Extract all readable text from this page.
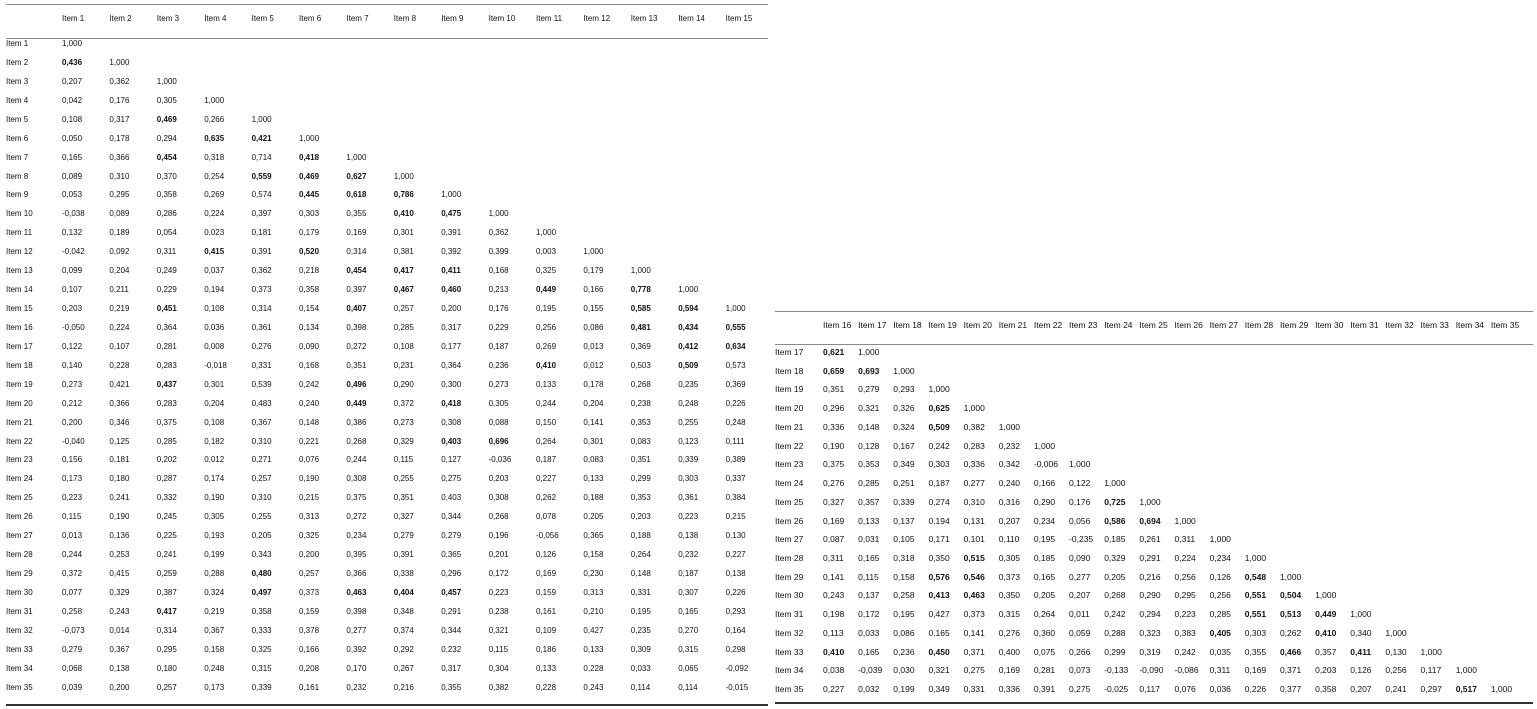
Item 1	Item 2	Item 3	Item 4	Item 5	Item 6	Item 7	Item 8	Item 9	Item 10	Item 11	Item 12	Item 13	Item 14	Item 15
Item 1	1,000
Item 2	0,436	1,000
Item 3	0,207	0,362	1,000
Item 4	0,042	0,176	0,305	1,000
Item 5	0,108	0,317	0,469	0,266	1,000
Item 6	0,050	0,178	0,294	0,635	0,421	1,000
Item 7	0,165	0,366	0,454	0,318	0,714	0,418	1,000
Item 8	0,089	0,310	0,370	0,254	0,559	0,469	0,627	1,000
Item 9	0,053	0,295	0,358	0,269	0,574	0,445	0,618	0,786	1,000
Item 10	-0,038	0,089	0,286	0,224	0,397	0,303	0,355	0,410	0,475	1,000
Item 11	0,132	0,189	0,054	0,023	0,181	0,179	0,169	0,301	0,391	0,362	1,000
Item 12	-0,042	0,092	0,311	0,415	0,391	0,520	0,314	0,381	0,392	0,399	0,003	1,000
Item 13	0,099	0,204	0,249	0,037	0,362	0,218	0,454	0,417	0,411	0,168	0,325	0,179	1,000
Item 14	0,107	0,211	0,229	0,194	0,373	0,358	0,397	0,467	0,460	0,213	0,449	0,166	0,778	1,000
Item 15	0,203	0,219	0,451	0,108	0,314	0,154	0,407	0,257	0,200	0,176	0,195	0,155	0,585	0,594	1,000
Item 16	-0,050	0,224	0,364	0,036	0,361	0,134	0,398	0,285	0,317	0,229	0,256	0,086	0,481	0,434	0,555
Item 17	0,122	0,107	0,281	0,008	0,276	0,090	0,272	0,108	0,177	0,187	0,269	0,013	0,369	0,412	0,634
Item 18	0,140	0,228	0,283	-0,018	0,331	0,168	0,351	0,231	0,364	0,236	0,410	0,012	0,503	0,509	0,573
Item 19	0,273	0,421	0,437	0,301	0,539	0,242	0,496	0,290	0,300	0,273	0,133	0,178	0,268	0,235	0,369
Item 20	0,212	0,366	0,283	0,204	0,483	0,240	0,449	0,372	0,418	0,305	0,244	0,204	0,238	0,248	0,226
Item 21	0,200	0,346	0,375	0,108	0,367	0,148	0,386	0,273	0,308	0,088	0,150	0,141	0,353	0,255	0,248
Item 22	-0,040	0,125	0,285	0,182	0,310	0,221	0,268	0,329	0,403	0,696	0,264	0,301	0,083	0,123	0,111
Item 23	0,156	0,181	0,202	0,012	0,271	0,076	0,244	0,115	0,127	-0,036	0,187	0,083	0,351	0,339	0,389
Item 24	0,173	0,180	0,287	0,174	0,257	0,190	0,308	0,255	0,275	0,203	0,227	0,133	0,299	0,303	0,337
Item 25	0,223	0,241	0,332	0,190	0,310	0,215	0,375	0,351	0,403	0,308	0,262	0,188	0,353	0,361	0,384
Item 26	0,115	0,190	0,245	0,305	0,255	0,313	0,272	0,327	0,344	0,268	0,078	0,205	0,203	0,223	0,215
Item 27	0,013	0,136	0,225	0,193	0,205	0,325	0,234	0,279	0,279	0,196	-0,056	0,365	0,188	0,138	0,130
Item 28	0,244	0,253	0,241	0,199	0,343	0,200	0,395	0,391	0,365	0,201	0,126	0,158	0,264	0,232	0,227
Item 29	0,372	0,415	0,259	0,288	0,480	0,257	0,366	0,338	0,296	0,172	0,169	0,230	0,148	0,187	0,138
Item 30	0,077	0,329	0,387	0,324	0,497	0,373	0,463	0,404	0,457	0,223	0,159	0,313	0,331	0,307	0,226
Item 31	0,258	0,243	0,417	0,219	0,358	0,159	0,398	0,348	0,291	0,238	0,161	0,210	0,195	0,165	0,293
Item 32	-0,073	0,014	0,314	0,367	0,333	0,378	0,277	0,374	0,344	0,321	0,109	0,427	0,235	0,270	0,164
Item 33	0,279	0,367	0,295	0,158	0,325	0,166	0,392	0,292	0,232	0,115	0,186	0,133	0,309	0,315	0,298
Item 34	0,068	0,138	0,180	0,248	0,315	0,208	0,170	0,267	0,317	0,304	0,133	0,228	0,033	0,065	-0,092
Item 35	0,039	0,200	0,257	0,173	0,339	0,161	0,232	0,216	0,355	0,382	0,228	0,243	0,114	0,114	-0,015
Item 16 Item 17 Item 18 Item 19 Item 20 Item 21 Item 22 Item 23 Item 24 Item 25 Item 26 Item 27 Item 28 Item 29 Item 30 Item 31 Item 32 Item 33 Item 34 Item 35
Item 17 0,621 1,000
Item 18 0,659 0,693 1,000
Item 19 0,351 0,279 0,293 1,000
Item 20 0,296 0,321 0,326 0,625 1,000
Item 21 0,336 0,148 0,324 0,509 0,382 1,000
Item 22 0,190 0,128 0,167 0,242 0,283 0,232 1,000
Item 23 0,375 0,353 0,349 0,303 0,336 0,342 -0,006 1,000
Item 24 0,276 0,285 0,251 0,187 0,277 0,240 0,166 0,122 1,000
Item 25 0,327 0,357 0,339 0,274 0,310 0,316 0,290 0,176 0,725 1,000
Item 26 0,169 0,133 0,137 0,194 0,131 0,207 0,234 0,056 0,586 0,694 1,000
Item 27 0,087 0,031 0,105 0,171 0,101 0,110 0,195 -0,235 0,185 0,261 0,311 1,000
Item 28 0,311 0,165 0,318 0,350 0,515 0,305 0,185 0,090 0,329 0,291 0,224 0,234 1,000
Item 29 0,141 0,115 0,158 0,576 0,546 0,373 0,165 0,277 0,205 0,216 0,256 0,126 0,548 1,000
Item 30 0,243 0,137 0,258 0,413 0,463 0,350 0,205 0,207 0,268 0,290 0,295 0,256 0,551 0,504 1,000
Item 31 0,198 0,172 0,195 0,427 0,373 0,315 0,264 0,011 0,242 0,294 0,223 0,285 0,551 0,513 0,449 1,000
Item 32 0,113 0,033 0,086 0,165 0,141 0,276 0,360 0,059 0,288 0,323 0,383 0,405 0,303 0,262 0,410 0,340 1,000
Item 33 0,410 0,165 0,236 0,450 0,371 0,400 0,075 0,266 0,299 0,319 0,242 0,035 0,355 0,466 0,357 0,411 0,130 1,000
Item 34 0,038 -0,039 0,030 0,321 0,275 0,169 0,281 0,073 -0,133 -0,090 -0,086 0,311 0,169 0,371 0,203 0,126 0,256 0,117 1,000
Item 35 0,227 0,032 0,199 0,349 0,331 0,336 0,391 0,275 -0,025 0,117 0,076 0,036 0,226 0,377 0,358 0,207 0,241 0,297 0,517 1,000
